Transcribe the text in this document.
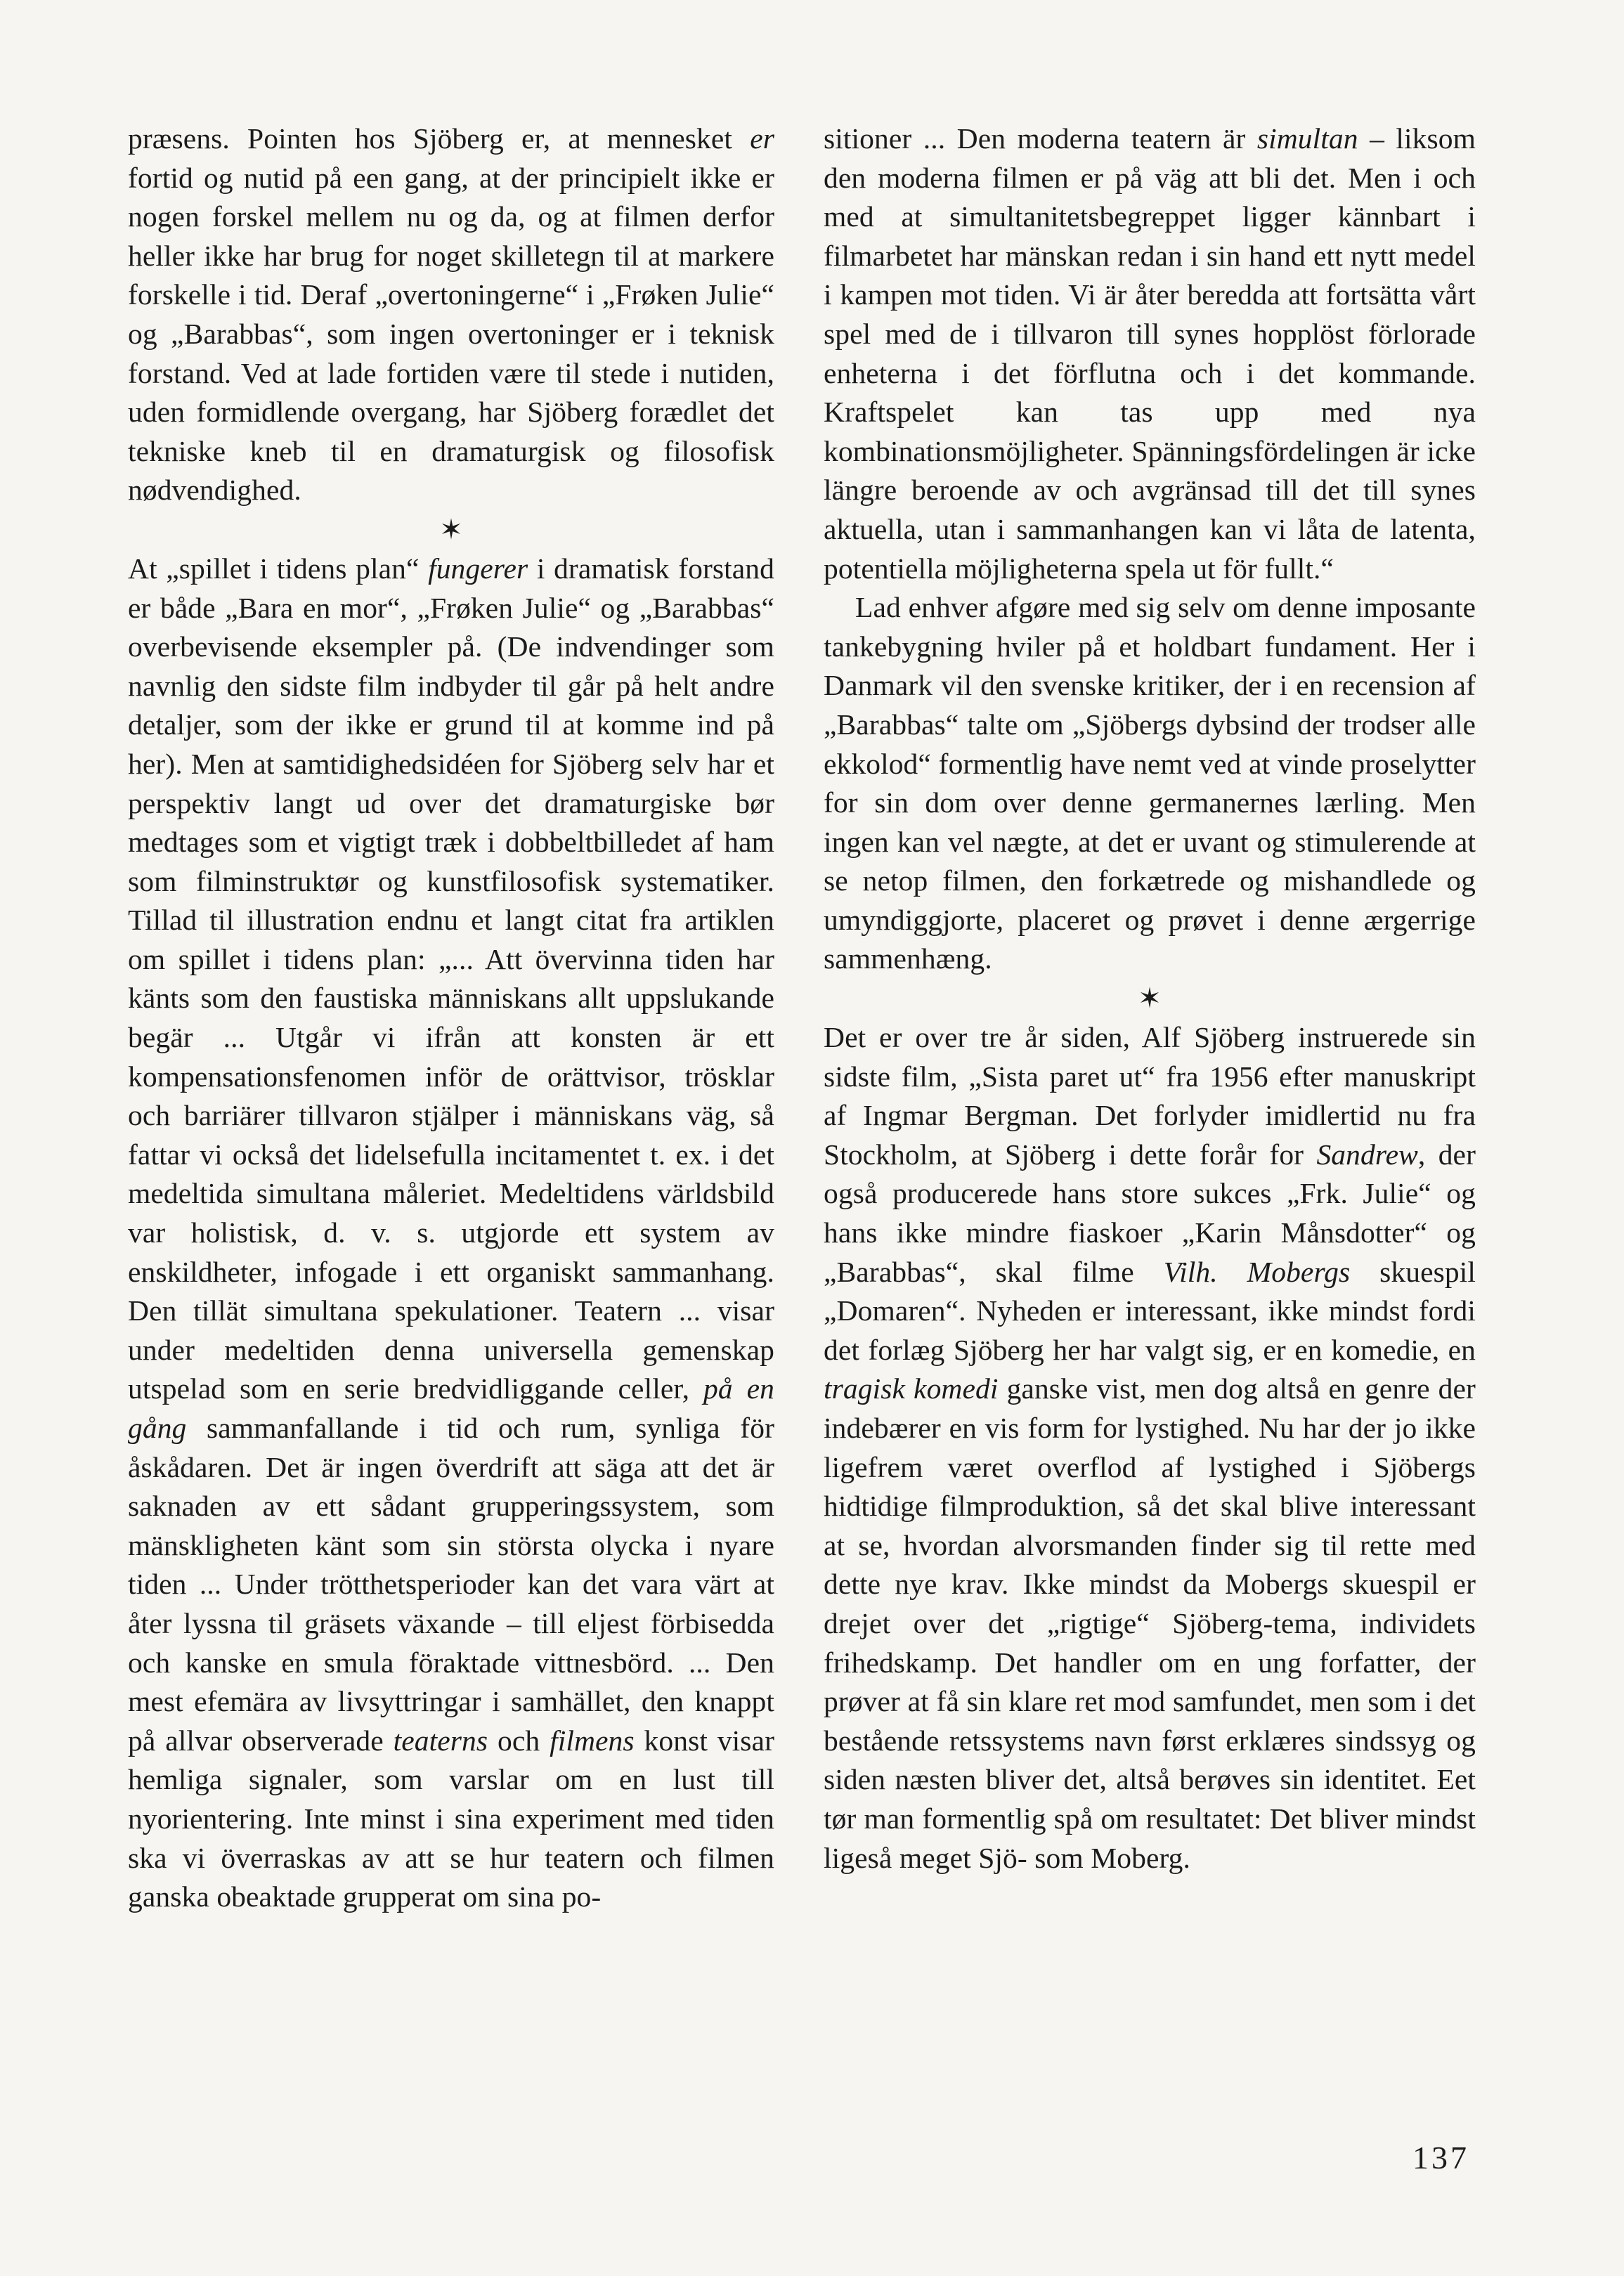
præsens. Pointen hos Sjöberg er, at mennesket er fortid og nutid på een gang, at der principielt ikke er nogen forskel mellem nu og da, og at filmen derfor heller ikke har brug for noget skilletegn til at markere forskelle i tid. Deraf „overtoningerne“ i „Frøken Julie“ og „Barabbas“, som ingen overtoninger er i teknisk forstand. Ved at lade fortiden være til stede i nutiden, uden formidlende overgang, har Sjöberg forædlet det tekniske kneb til en dramaturgisk og filosofisk nødvendighed.

✶

At „spillet i tidens plan“ fungerer i dramatisk forstand er både „Bara en mor“, „Frøken Julie“ og „Barabbas“ overbevisende eksempler på. (De indvendinger som navnlig den sidste film indbyder til går på helt andre detaljer, som der ikke er grund til at komme ind på her). Men at samtidighedsidéen for Sjöberg selv har et perspektiv langt ud over det dramaturgiske bør medtages som et vigtigt træk i dobbeltbilledet af ham som filminstruktør og kunstfilosofisk systematiker. Tillad til illustration endnu et langt citat fra artiklen om spillet i tidens plan: „... Att övervinna tiden har känts som den faustiska människans allt uppslukande begär ... Utgår vi ifrån att konsten är ett kompensationsfenomen inför de orättvisor, trösklar och barriärer tillvaron stjälper i människans väg, så fattar vi också det lidelsefulla incitamentet t. ex. i det medeltida simultana måleriet. Medeltidens världsbild var holistisk, d. v. s. utgjorde ett system av enskildheter, infogade i ett organiskt sammanhang. Den tillät simultana spekulationer. Teatern ... visar under medeltiden denna universella gemenskap utspelad som en serie bredvidliggande celler, på en gång sammanfallande i tid och rum, synliga för åskådaren. Det är ingen överdrift att säga att det är saknaden av ett sådant grupperingssystem, som mänskligheten känt som sin största olycka i nyare tiden ... Under trötthetsperioder kan det vara värt at åter lyssna til gräsets växande – till eljest förbisedda och kanske en smula föraktade vittnesbörd. ... Den mest efemära av livsyttringar i samhället, den knappt på allvar observerade teaterns och filmens konst visar hemliga signaler, som varslar om en lust till nyorientering. Inte minst i sina experiment med tiden ska vi överraskas av att se hur teatern och filmen ganska obeaktade grupperat om sina po-

sitioner ... Den moderna teatern är simultan – liksom den moderna filmen er på väg att bli det. Men i och med at simultanitetsbegreppet ligger kännbart i filmarbetet har mänskan redan i sin hand ett nytt medel i kampen mot tiden. Vi är åter beredda att fortsätta vårt spel med de i tillvaron till synes hopplöst förlorade enheterna i det förflutna och i det kommande. Kraftspelet kan tas upp med nya kombinationsmöjligheter. Spänningsfördelingen är icke längre beroende av och avgränsad till det till synes aktuella, utan i sammanhangen kan vi låta de latenta, potentiella möjligheterna spela ut för fullt.“

Lad enhver afgøre med sig selv om denne imposante tankebygning hviler på et holdbart fundament. Her i Danmark vil den svenske kritiker, der i en recension af „Barabbas“ talte om „Sjöbergs dybsind der trodser alle ekkolod“ formentlig have nemt ved at vinde proselytter for sin dom over denne germanernes lærling. Men ingen kan vel nægte, at det er uvant og stimulerende at se netop filmen, den forkætrede og mishandlede og umyndiggjorte, placeret og prøvet i denne ærgerrige sammenhæng.

✶

Det er over tre år siden, Alf Sjöberg instruerede sin sidste film, „Sista paret ut“ fra 1956 efter manuskript af Ingmar Bergman. Det forlyder imidlertid nu fra Stockholm, at Sjöberg i dette forår for Sandrew, der også producerede hans store sukces „Frk. Julie“ og hans ikke mindre fiaskoer „Karin Månsdotter“ og „Barabbas“, skal filme Vilh. Mobergs skuespil „Domaren“. Nyheden er interessant, ikke mindst fordi det forlæg Sjöberg her har valgt sig, er en komedie, en tragisk komedi ganske vist, men dog altså en genre der indebærer en vis form for lystighed. Nu har der jo ikke ligefrem været overflod af lystighed i Sjöbergs hidtidige filmproduktion, så det skal blive interessant at se, hvordan alvorsmanden finder sig til rette med dette nye krav. Ikke mindst da Mobergs skuespil er drejet over det „rigtige“ Sjöberg-tema, individets frihedskamp. Det handler om en ung forfatter, der prøver at få sin klare ret mod samfundet, men som i det bestående retssystems navn først erklæres sindssyg og siden næsten bliver det, altså berøves sin identitet. Eet tør man formentlig spå om resultatet: Det bliver mindst ligeså meget Sjö- som Moberg.

137
